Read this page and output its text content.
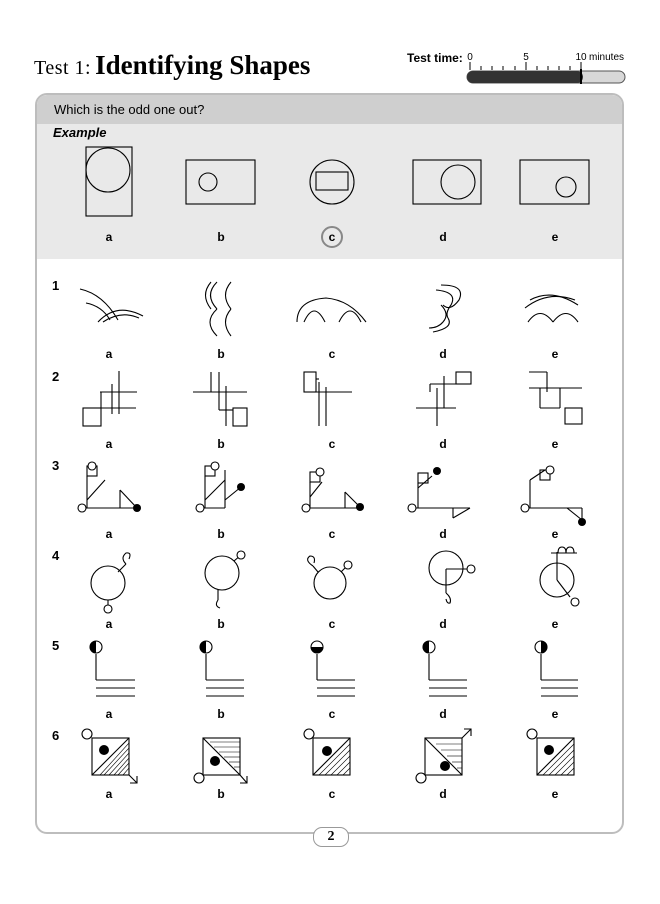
Test 1: Identifying Shapes	Test time: 0	5	10 minutes
Which is the odd one out?
Example
a	b	c	d	e
1
2
3
4
5
6
a	b	c	d	e
a	b	c	d	e
a	b	c	d	e
a	b	c	d	e
a	b	c	d	e
a	b	c	d	e
2
